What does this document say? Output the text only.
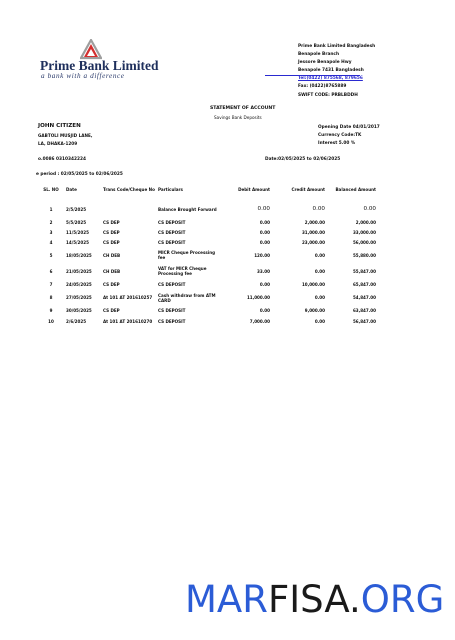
Prime Bank Limited
a bank with a difference
Prime Bank Limited Bangladesh
Benapole Branch
Jessore Benapole Hwy
Benapole 7431 Bangladesh
Tel:(0422) 875568, 879656
Fax: (0422)8765889
SWIFT CODE: PRBLBDDH
STATEMENT OF ACCOUNT
Savings Bank Deposits
JOHN CITIZEN
GABTOLI MUSJID LANE,
LA, DHAKA-1209
Opening Date 04/01/2017
Currency Code:TK
Interest 5.00 %
o.0086 0310342224	Date:02/05/2025 to 02/06/2025
e period : 02/05/2025 to 02/06/2025
SL. NO	Date	Trans Code/Cheque No	Particulars	Debit Amount	Credit Amount	Balanced Amount
1	2/5/2025		Balance Brought Forward	0.00	0.00	0.00
2	5/5/2025	CS DEP	CS DEPOSIT	0.00	2,000.00	2,000.00
3	11/5/2025	CS DEP	CS DEPOSIT	0.00	31,000.00	33,000.00
4	14/5/2025	CS DEP	CS DEPOSIT	0.00	23,000.00	56,000.00
5	18/05/2025	CH DEB	MICR Cheque Processing fee	120.00	0.00	55,880.00
6	21/05/2025	CH DEB	VAT for MICR Cheque Processing fee	33.00	0.00	55,847.00
7	24/05/2025	CS DEP	CS DEPOSIT	0.00	10,000.00	65,847.00
8	27/05/2025	At 101 AT 201610257	Cash withdraw from ATM CARD	11,000.00	0.00	54,847.00
9	30/05/2025	CS DEP	CS DEPOSIT	0.00	9,000.00	63,847.00
10	2/6/2025	At 101 AT 201610270	CS DEPOSIT	7,000.00	0.00	56,847.00
MARFISA.ORG
